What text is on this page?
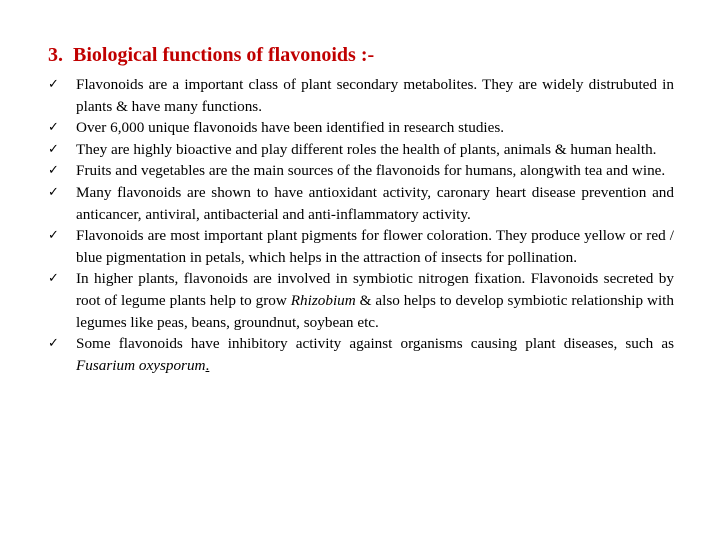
3. Biological functions of flavonoids :-
✓	Flavonoids are a important class of plant secondary metabolites. They are widely distrubuted in plants & have many functions.
✓	Over 6,000 unique flavonoids have been identified in research studies.
✓	They are highly bioactive and play different roles the health of plants, animals & human health.
✓	Fruits and vegetables are the main sources of the flavonoids for humans, alongwith tea and wine.
✓	Many flavonoids are shown to have antioxidant activity, caronary heart disease prevention and anticancer, antiviral, antibacterial and anti-inflammatory activity.
✓	Flavonoids are most important plant pigments for flower coloration. They produce yellow or red / blue pigmentation in petals, which helps in the attraction of insects for pollination.
✓	In higher plants, flavonoids are involved in symbiotic nitrogen fixation. Flavonoids secreted by root of legume plants help to grow Rhizobium & also helps to develop symbiotic relationship with legumes like peas, beans, groundnut, soybean etc.
✓	Some flavonoids have inhibitory activity against organisms causing plant diseases, such as Fusarium oxysporum.
